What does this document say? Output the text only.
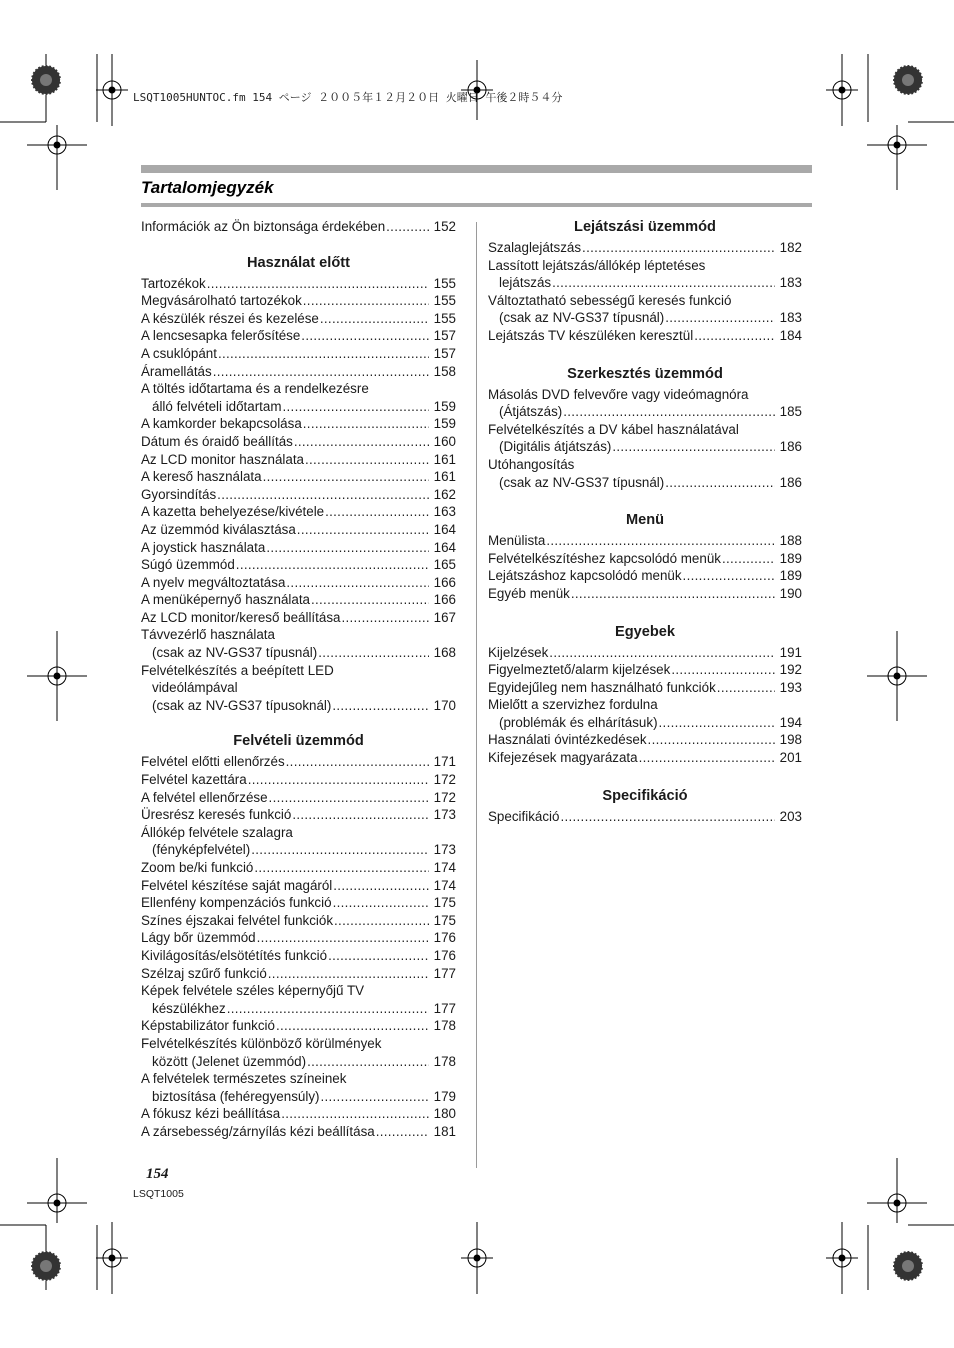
LSQT1005HUNTOC.fm 154 ページ ２００５年１２月２０日 火曜日 午後２時５４分
Tartalomjegyzék
Információk az Ön biztonsága érdekében .....	152
Használat előtt
Tartozékok .....	155
Megvásárolható tartozékok .....	155
A készülék részei és kezelése .....	155
A lencsesapka felerősítése .....	157
A csuklópánt .....	157
Áramellátás .....	158
A töltés időtartama és a rendelkezésre
álló felvételi időtartam .....	159
A kamkorder bekapcsolása .....	159
Dátum és óraidő beállítás .....	160
Az LCD monitor használata .....	161
A kereső használata .....	161
Gyorsindítás .....	162
A kazetta behelyezése/kivétele .....	163
Az üzemmód kiválasztása .....	164
A joystick használata .....	164
Súgó üzemmód .....	165
A nyelv megváltoztatása .....	166
A menüképernyő használata .....	166
Az LCD monitor/kereső beállítása .....	167
Távvezérlő használata
(csak az NV-GS37 típusnál) .....	168
Felvételkészítés a beépített LED
videólámpával
(csak az NV-GS37 típusoknál) .....	170
Felvételi üzemmód
Felvétel előtti ellenőrzés .....	171
Felvétel kazettára .....	172
A felvétel ellenőrzése .....	172
Üresrész keresés funkció .....	173
Állókép felvétele szalagra
(fényképfelvétel) .....	173
Zoom be/ki funkció .....	174
Felvétel készítése saját magáról .....	174
Ellenfény kompenzációs funkció .....	175
Színes éjszakai felvétel funkciók .....	175
Lágy bőr üzemmód .....	176
Kivilágosítás/elsötétítés funkció .....	176
Szélzaj szűrő funkció .....	177
Képek felvétele széles képernyőjű TV
készülékhez .....	177
Képstabilizátor funkció .....	178
Felvételkészítés különböző körülmények
között (Jelenet üzemmód) .....	178
A felvételek természetes színeinek
biztosítása (fehéregyensúly) .....	179
A fókusz kézi beállítása .....	180
A zársebesség/zárnyílás kézi beállítása .....	181
Lejátszási üzemmód
Szalaglejátszás .....	182
Lassított lejátszás/állókép léptetéses
lejátszás .....	183
Változtatható sebességű keresés funkció
(csak az NV-GS37 típusnál) .....	183
Lejátszás TV készüléken keresztül .....	184
Szerkesztés üzemmód
Másolás DVD felvevőre vagy videómagnóra
(Átjátszás) .....	185
Felvételkészítés a DV kábel használatával
(Digitális átjátszás) .....	186
Utóhangosítás
(csak az NV-GS37 típusnál) .....	186
Menü
Menülista .....	188
Felvételkészítéshez kapcsolódó menük .....	189
Lejátszáshoz kapcsolódó menük .....	189
Egyéb menük .....	190
Egyebek
Kijelzések .....	191
Figyelmeztető/alarm kijelzések .....	192
Egyidejűleg nem használható funkciók .....	193
Mielőtt a szervizhez fordulna
(problémák és elhárításuk) .....	194
Használati óvintézkedések .....	198
Kifejezések magyarázata .....	201
Specifikáció
Specifikáció .....	203
154
LSQT1005
